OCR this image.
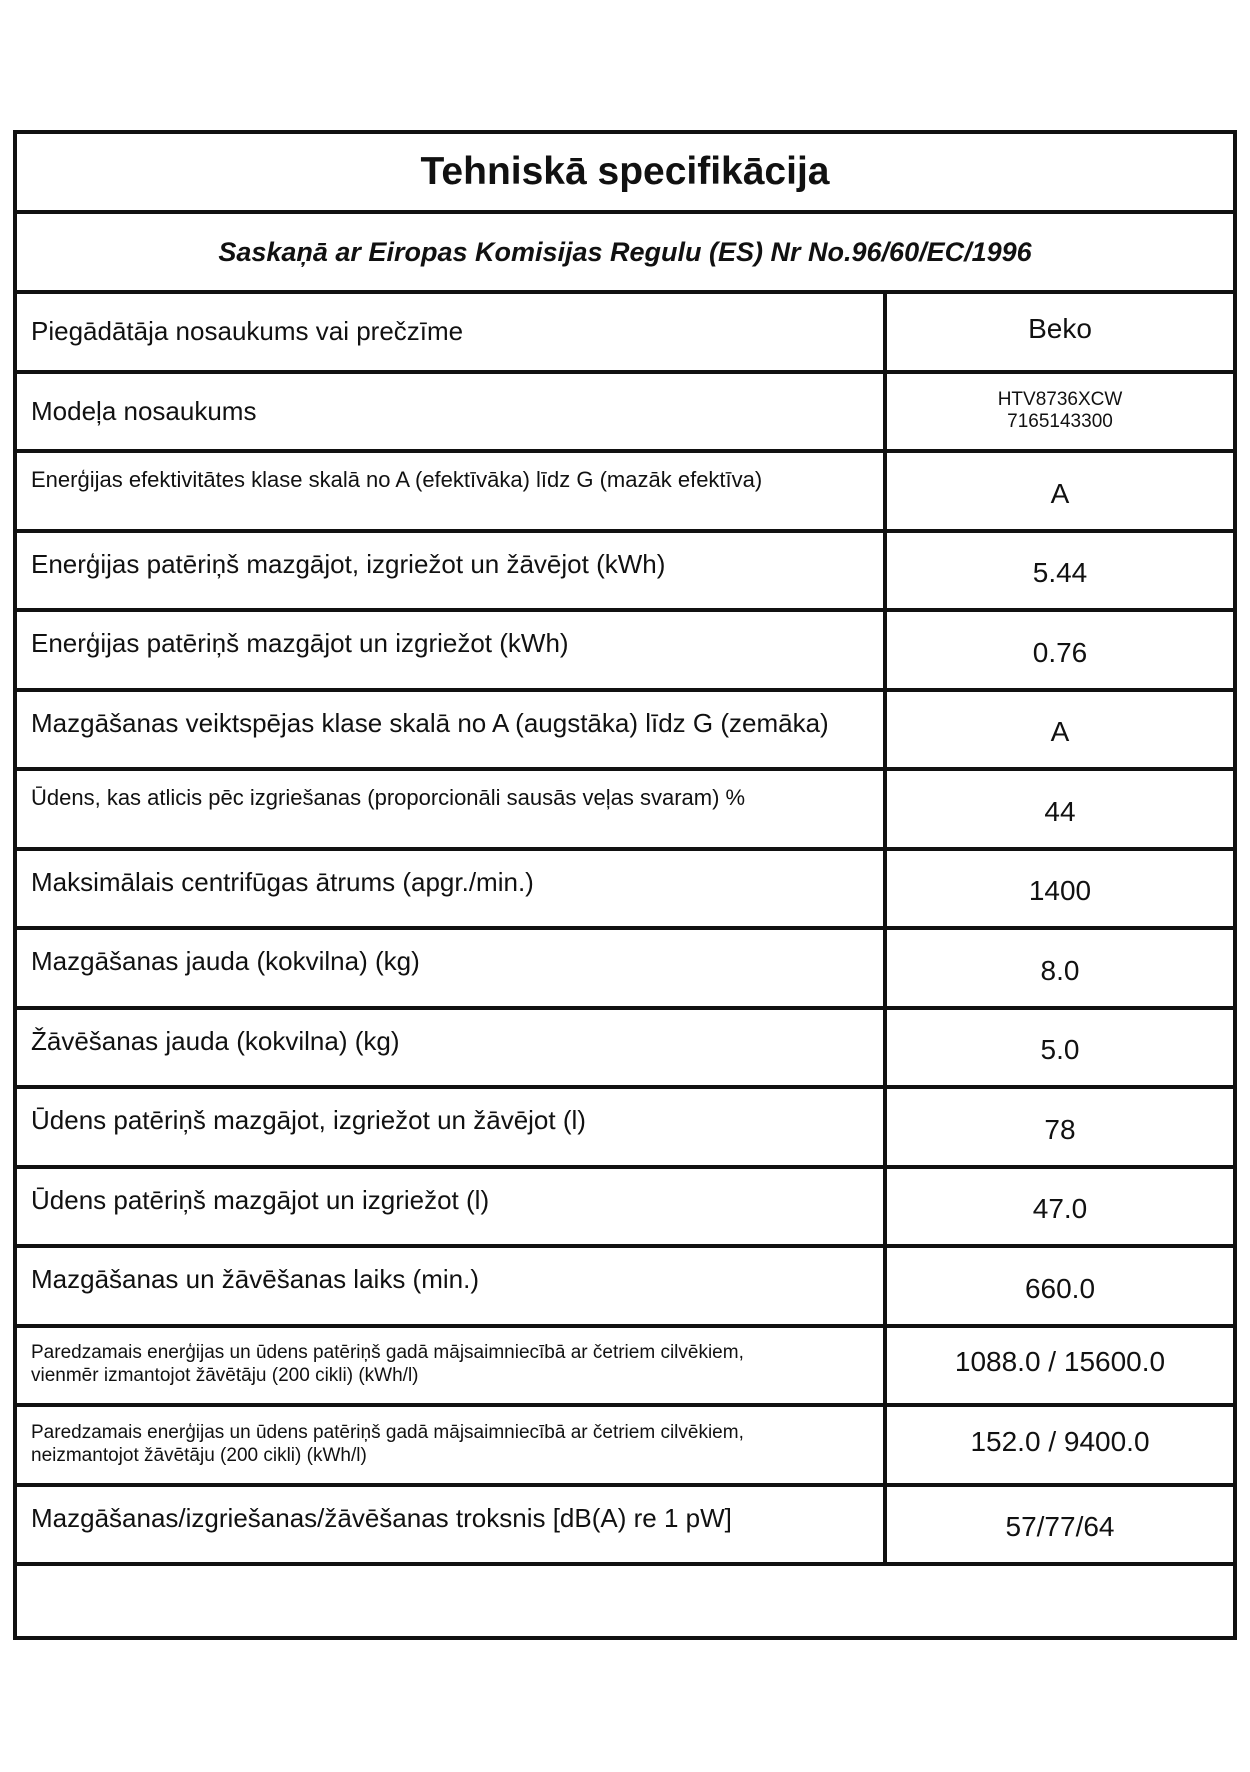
Tehniskā specifikācija
Saskaņā ar Eiropas Komisijas Regulu (ES) Nr No.96/60/EC/1996
Piegādātāja nosaukums vai prečzīme	Beko
Modeļa nosaukums	HTV8736XCW
7165143300
Enerģijas efektivitātes klase skalā no A (efektīvāka) līdz G (mazāk efektīva)	A
Enerģijas patēriņš mazgājot, izgriežot un žāvējot (kWh)	5.44
Enerģijas patēriņš mazgājot un izgriežot (kWh)	0.76
Mazgāšanas veiktspējas klase skalā no A (augstāka) līdz G (zemāka)	A
Ūdens, kas atlicis pēc izgriešanas (proporcionāli sausās veļas svaram) %	44
Maksimālais centrifūgas ātrums (apgr./min.)	1400
Mazgāšanas jauda (kokvilna) (kg)	8.0
Žāvēšanas jauda (kokvilna) (kg)	5.0
Ūdens patēriņš mazgājot, izgriežot un žāvējot (l)	78
Ūdens patēriņš mazgājot un izgriežot (l)	47.0
Mazgāšanas un žāvēšanas laiks (min.)	660.0
Paredzamais enerģijas un ūdens patēriņš gadā mājsaimniecībā ar četriem cilvēkiem,
vienmēr izmantojot žāvētāju (200 cikli) (kWh/l)	1088.0 / 15600.0
Paredzamais enerģijas un ūdens patēriņš gadā mājsaimniecībā ar četriem cilvēkiem,
neizmantojot žāvētāju (200 cikli) (kWh/l)	152.0 / 9400.0
Mazgāšanas/izgriešanas/žāvēšanas troksnis [dB(A) re 1 pW]	57/77/64
